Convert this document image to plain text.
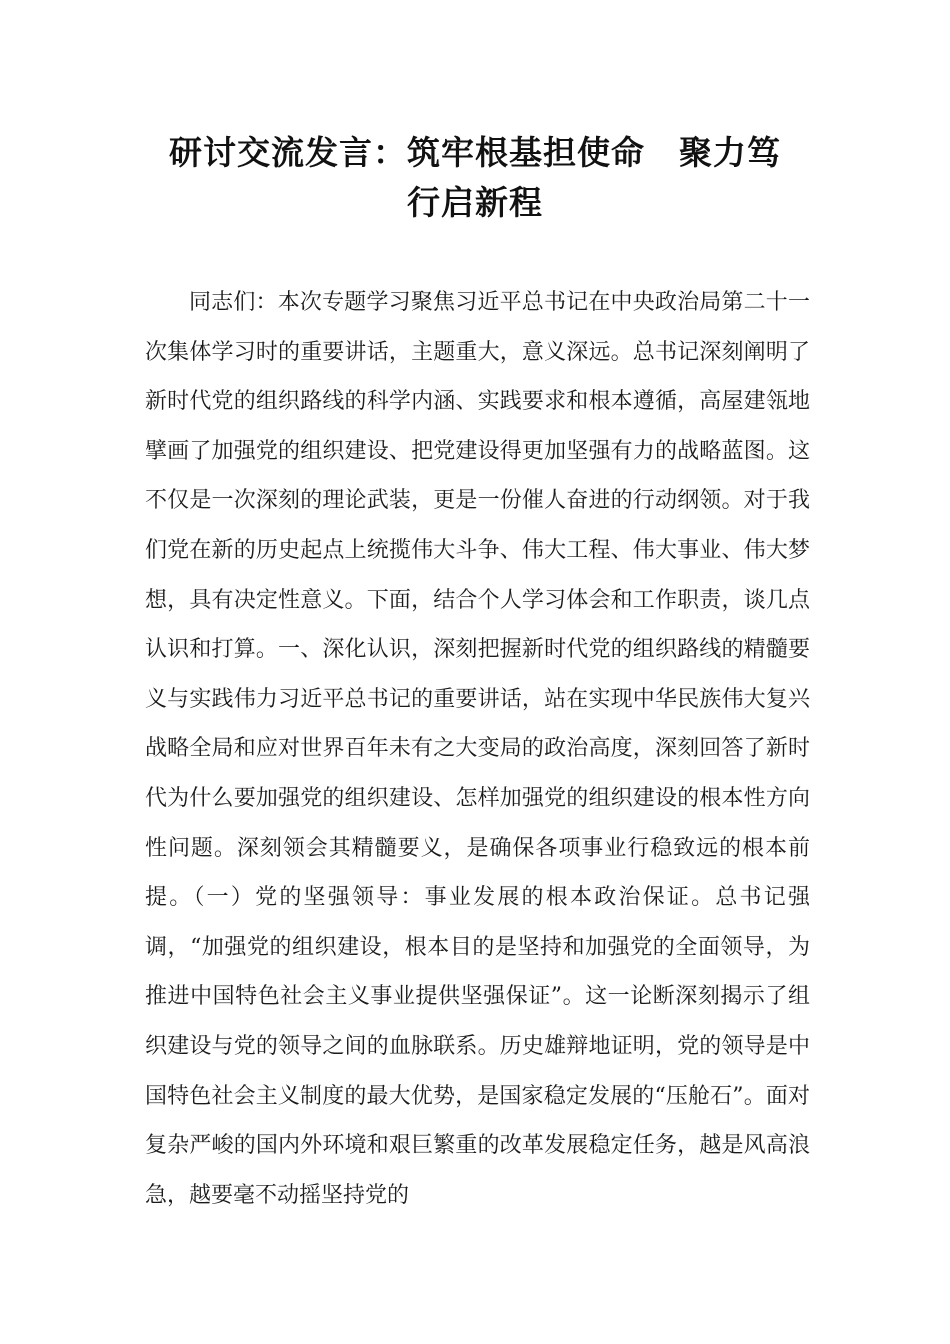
研讨交流发言：筑牢根基担使命　聚力笃
行启新程

同志们：本次专题学习聚焦习近平总书记在中央政治局第二十一次集体学习时的重要讲话，主题重大，意义深远。总书记深刻阐明了新时代党的组织路线的科学内涵、实践要求和根本遵循，高屋建瓴地擘画了加强党的组织建设、把党建设得更加坚强有力的战略蓝图。这不仅是一次深刻的理论武装，更是一份催人奋进的行动纲领。对于我们党在新的历史起点上统揽伟大斗争、伟大工程、伟大事业、伟大梦想，具有决定性意义。下面，结合个人学习体会和工作职责，谈几点认识和打算。一、深化认识，深刻把握新时代党的组织路线的精髓要义与实践伟力习近平总书记的重要讲话，站在实现中华民族伟大复兴战略全局和应对世界百年未有之大变局的政治高度，深刻回答了新时代为什么要加强党的组织建设、怎样加强党的组织建设的根本性方向性问题。深刻领会其精髓要义，是确保各项事业行稳致远的根本前提。（一）党的坚强领导：事业发展的根本政治保证。总书记强调，“加强党的组织建设，根本目的是坚持和加强党的全面领导，为推进中国特色社会主义事业提供坚强保证”。这一论断深刻揭示了组织建设与党的领导之间的血脉联系。历史雄辩地证明，党的领导是中国特色社会主义制度的最大优势，是国家稳定发展的“压舱石”。面对复杂严峻的国内外环境和艰巨繁重的改革发展稳定任务，越是风高浪急，越要毫不动摇坚持党的
